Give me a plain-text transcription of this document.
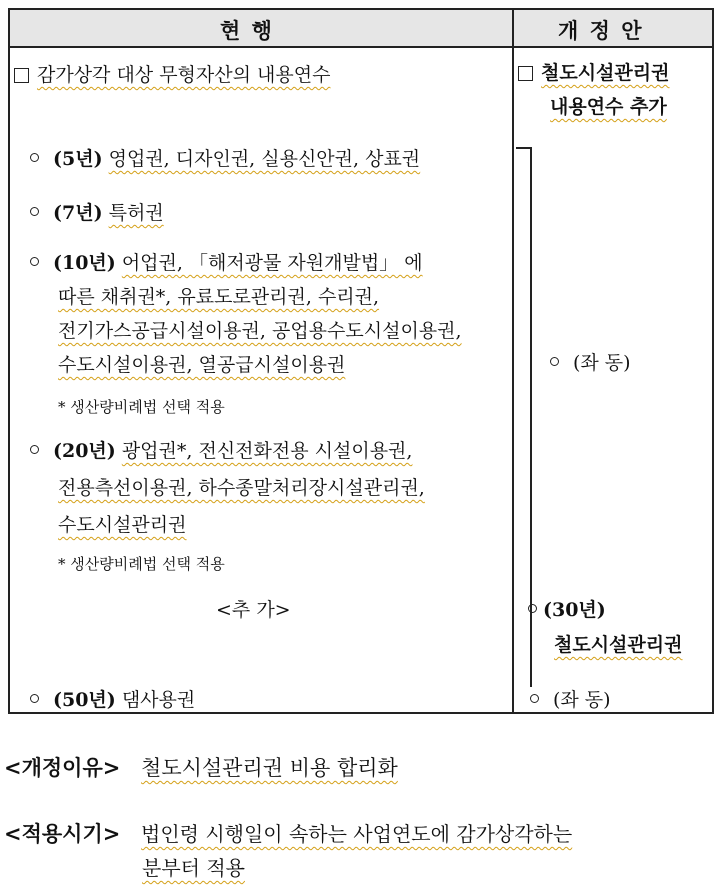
현 행	개 정 안
감가상각 대상 무형자산의 내용연수
(5년) 영업권, 디자인권, 실용신안권, 상표권
(7년) 특허권
(10년) 어업권, 「해저광물 자원개발법」 에
따른 채취권*, 유료도로관리권, 수리권,
전기가스공급시설이용권, 공업용수도시설이용권,
수도시설이용권, 열공급시설이용권
* 생산량비례법 선택 적용
(20년) 광업권*, 전신전화전용 시설이용권,
전용측선이용권, 하수종말처리장시설관리권,
수도시설관리권
* 생산량비례법 선택 적용
<추 가>
(50년) 댐사용권
철도시설관리권
내용연수 추가
(좌 동)
(30년)
철도시설관리권
(좌 동)
<개정이유> 철도시설관리권 비용 합리화
<적용시기> 법인령 시행일이 속하는 사업연도에 감가상각하는
분부터 적용
